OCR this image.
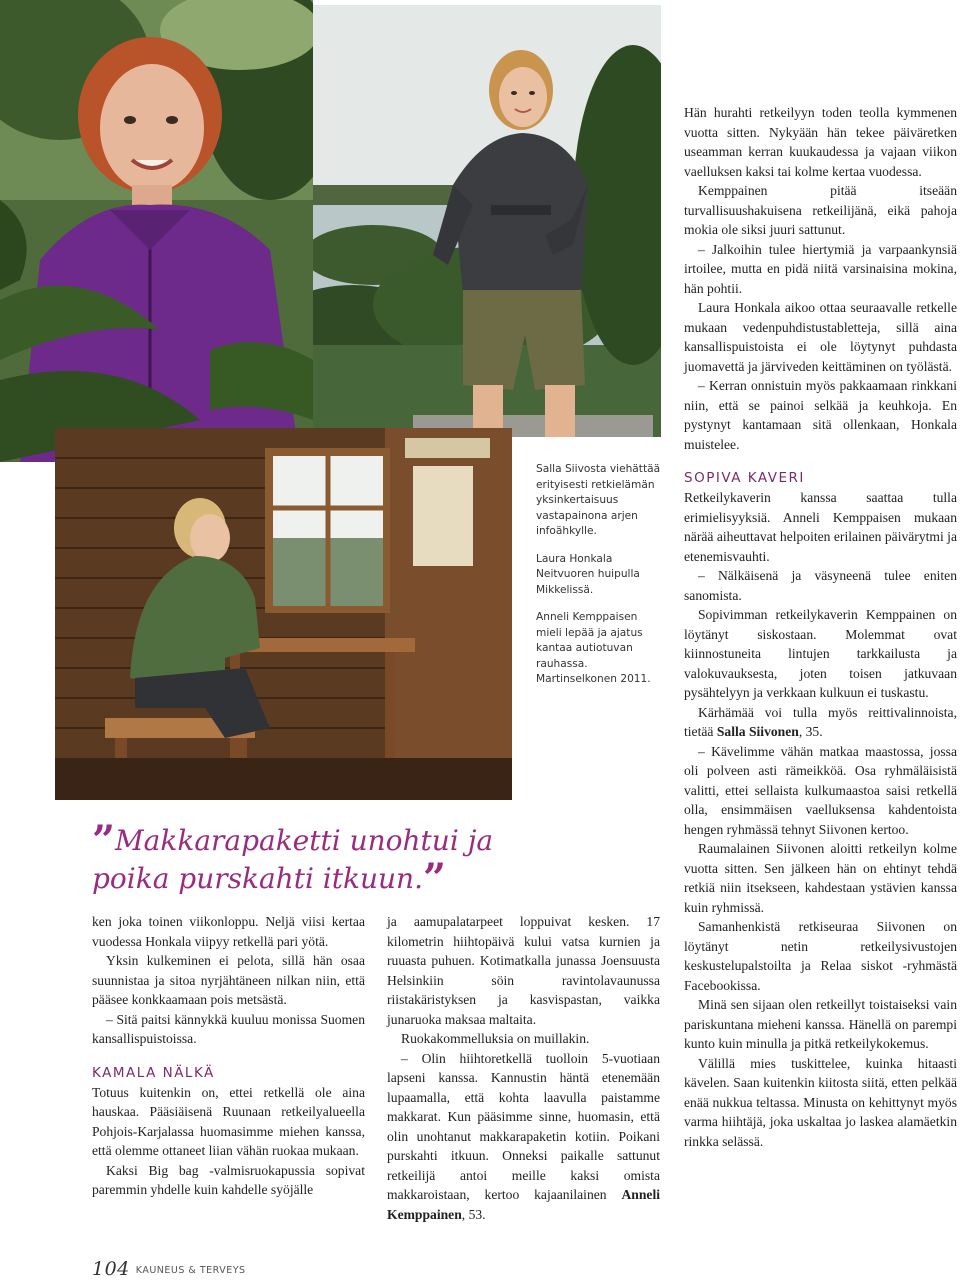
Salla Siivosta viehättää erityisesti retkielämän yksinkertaisuus vastapainona arjen infoähkylle.

Laura Honkala Neitvuoren huipulla Mikkelissä.

Anneli Kemppaisen mieli lepää ja ajatus kantaa autiotuvan rauhassa. Martinselkonen 2011.

”Makkarapaketti unohtui ja poika purskahti itkuun.”

ken joka toinen viikonloppu. Neljä viisi kertaa vuodessa Honkala viipyy retkellä pari yötä.

Yksin kulkeminen ei pelota, sillä hän osaa suunnistaa ja sitoa nyrjähtäneen nilkan niin, että pääsee konkkaamaan pois metsästä.

– Sitä paitsi kännykkä kuuluu monissa Suomen kansallispuistoissa.

KAMALA NÄLKÄ

Totuus kuitenkin on, ettei retkellä ole aina hauskaa. Pääsiäisenä Ruunaan retkeilyalueella Pohjois-Karjalassa huomasimme miehen kanssa, että olemme ottaneet liian vähän ruokaa mukaan.

Kaksi Big bag -valmisruokapussia sopivat paremmin yhdelle kuin kahdelle syöjälle

ja aamupalatarpeet loppuivat kesken. 17 kilometrin hiihtopäivä kului vatsa kurnien ja ruuasta puhuen. Kotimatkalla junassa Joensuusta Helsinkiin söin ravintolavaunussa riistakäristyksen ja kasvispastan, vaikka junaruoka maksaa maltaita.

Ruokakommelluksia on muillakin.

– Olin hiihtoretkellä tuolloin 5-vuotiaan lapseni kanssa. Kannustin häntä etenemään lupaamalla, että kohta laavulla paistamme makkarat. Kun pääsimme sinne, huomasin, että olin unohtanut makkarapaketin kotiin. Poikani purskahti itkuun. Onneksi paikalle sattunut retkeilijä antoi meille kaksi omista makkaroistaan, kertoo kajaanilainen Anneli Kemppainen, 53.

Hän hurahti retkeilyyn toden teolla kymmenen vuotta sitten. Nykyään hän tekee päiväretken useamman kerran kuukaudessa ja vajaan viikon vaelluksen kaksi tai kolme kertaa vuodessa.

Kemppainen pitää itseään turvallisuushakuisena retkeilijänä, eikä pahoja mokia ole siksi juuri sattunut.

– Jalkoihin tulee hiertymiä ja varpaankynsiä irtoilee, mutta en pidä niitä varsinaisina mokina, hän pohtii.

Laura Honkala aikoo ottaa seuraavalle retkelle mukaan vedenpuhdistustabletteja, sillä aina kansallispuistoista ei ole löytynyt puhdasta juomavettä ja järviveden keittäminen on työlästä.

– Kerran onnistuin myös pakkaamaan rinkkani niin, että se painoi selkää ja keuhkoja. En pystynyt kantamaan sitä ollenkaan, Honkala muistelee.

SOPIVA KAVERI

Retkeilykaverin kanssa saattaa tulla erimielisyyksiä. Anneli Kemppaisen mukaan närää aiheuttavat helpoiten erilainen päivärytmi ja etenemisvauhti.

– Nälkäisenä ja väsyneenä tulee eniten sanomista.

Sopivimman retkeilykaverin Kemppainen on löytänyt siskostaan. Molemmat ovat kiinnostuneita lintujen tarkkailusta ja valokuvauksesta, joten toisen jatkuvaan pysähtelyyn ja verkkaan kulkuun ei tuskastu.

Kärhämää voi tulla myös reittivalinnoista, tietää Salla Siivonen, 35.

– Kävelimme vähän matkaa maastossa, jossa oli polveen asti rämeikköä. Osa ryhmäläisistä valitti, ettei sellaista kulkumaastoa saisi retkellä olla, ensimmäisen vaelluksensa kahdentoista hengen ryhmässä tehnyt Siivonen kertoo.

Raumalainen Siivonen aloitti retkeilyn kolme vuotta sitten. Sen jälkeen hän on ehtinyt tehdä retkiä niin itsekseen, kahdestaan ystävien kanssa kuin ryhmissä.

Samanhenkistä retkiseuraa Siivonen on löytänyt netin retkeilysivustojen keskustelupalstoilta ja Relaa siskot -ryhmästä Facebookissa.

Minä sen sijaan olen retkeillyt toistaiseksi vain pariskuntana mieheni kanssa. Hänellä on parempi kunto kuin minulla ja pitkä retkeilykokemus.

Välillä mies tuskittelee, kuinka hitaasti kävelen. Saan kuitenkin kiitosta siitä, etten pelkää enää nukkua teltassa. Minusta on kehittynyt myös varma hiihtäjä, joka uskaltaa jo laskea alamäetkin rinkka selässä.

104 KAUNEUS & TERVEYS
